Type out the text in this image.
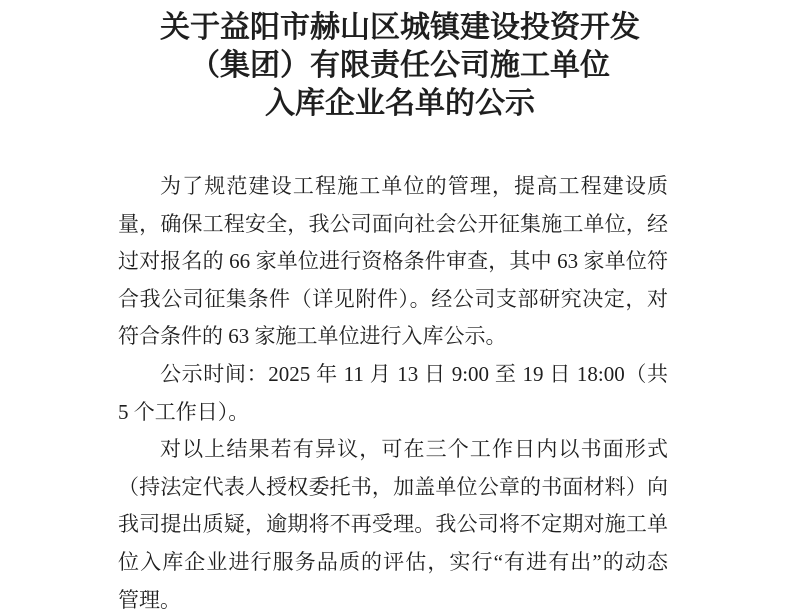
关于益阳市赫山区城镇建设投资开发
（集团）有限责任公司施工单位
入库企业名单的公示

为了规范建设工程施工单位的管理，提高工程建设质

量，确保工程安全，我公司面向社会公开征集施工单位，经

过对报名的 66 家单位进行资格条件审查，其中 63 家单位符

合我公司征集条件（详见附件）。经公司支部研究决定，对

符合条件的 63 家施工单位进行入库公示。

公示时间：2025 年 11 月 13 日 9:00 至 19 日 18:00（共

5 个工作日）。

对以上结果若有异议，可在三个工作日内以书面形式

（持法定代表人授权委托书，加盖单位公章的书面材料）向

我司提出质疑，逾期将不再受理。我公司将不定期对施工单

位入库企业进行服务品质的评估，实行“有进有出”的动态

管理。
